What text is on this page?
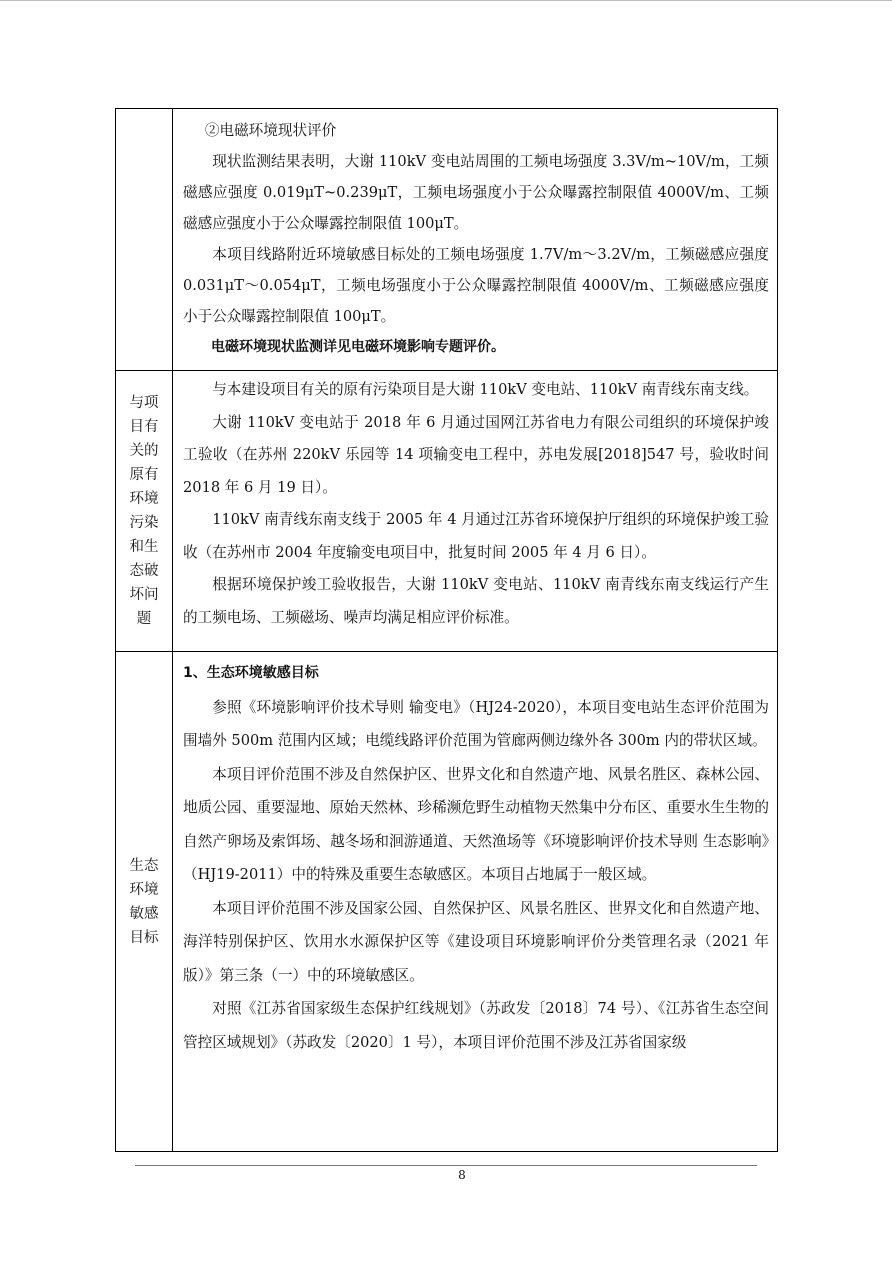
	②电磁环境现状评价

现状监测结果表明，大谢 110kV 变电站周围的工频电场强度 3.3V/m~10V/m，工频磁感应强度 0.019μT~0.239μT，工频电场强度小于公众曝露控制限值 4000V/m、工频磁感应强度小于公众曝露控制限值 100μT。

本项目线路附近环境敏感目标处的工频电场强度 1.7V/m～3.2V/m，工频磁感应强度 0.031μT～0.054μT，工频电场强度小于公众曝露控制限值 4000V/m、工频磁感应强度小于公众曝露控制限值 100μT。

电磁环境现状监测详见电磁环境影响专题评价。

与项目有关的原有环境污染和生态破坏问题	与本建设项目有关的原有污染项目是大谢 110kV 变电站、110kV 南青线东南支线。

大谢 110kV 变电站于 2018 年 6 月通过国网江苏省电力有限公司组织的环境保护竣工验收（在苏州 220kV 乐园等 14 项输变电工程中，苏电发展[2018]547 号，验收时间 2018 年 6 月 19 日）。

110kV 南青线东南支线于 2005 年 4 月通过江苏省环境保护厅组织的环境保护竣工验收（在苏州市 2004 年度输变电项目中，批复时间 2005 年 4 月 6 日）。

根据环境保护竣工验收报告，大谢 110kV 变电站、110kV 南青线东南支线运行产生的工频电场、工频磁场、噪声均满足相应评价标准。

生态环境敏感目标	1、生态环境敏感目标

参照《环境影响评价技术导则 输变电》（HJ24-2020），本项目变电站生态评价范围为围墙外 500m 范围内区域；电缆线路评价范围为管廊两侧边缘外各 300m 内的带状区域。

本项目评价范围不涉及自然保护区、世界文化和自然遗产地、风景名胜区、森林公园、地质公园、重要湿地、原始天然林、珍稀濒危野生动植物天然集中分布区、重要水生生物的自然产卵场及索饵场、越冬场和洄游通道、天然渔场等《环境影响评价技术导则 生态影响》（HJ19-2011）中的特殊及重要生态敏感区。本项目占地属于一般区域。

本项目评价范围不涉及国家公园、自然保护区、风景名胜区、世界文化和自然遗产地、海洋特别保护区、饮用水水源保护区等《建设项目环境影响评价分类管理名录（2021 年版）》第三条（一）中的环境敏感区。

对照《江苏省国家级生态保护红线规划》（苏政发〔2018〕74 号）、《江苏省生态空间管控区域规划》（苏政发〔2020〕1 号），本项目评价范围不涉及江苏省国家级

8
